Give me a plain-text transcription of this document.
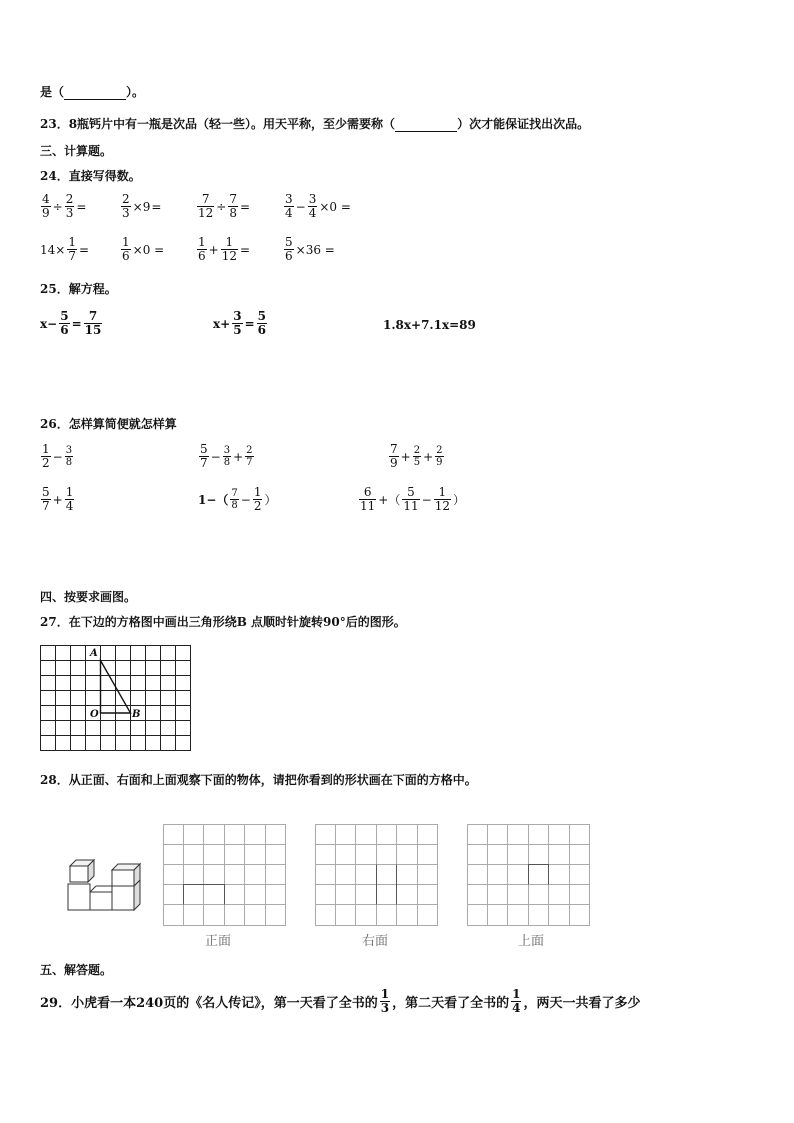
是（	）。
23．8瓶钙片中有一瓶是次品（轻一些）。用天平称，至少需要称（	）次才能保证找出次品。
三、计算题。
24．直接写得数。
$\frac{4}{9} \div \frac{2}{3}$ =	$\frac{2}{3} \times 9$ =	$\frac{7}{12} \div \frac{7}{8}$ =	$\frac{3}{4} - \frac{3}{4} \times 0$ =
$14\times \frac{1}{7}$ =	$\frac{1}{6} \times 0$ =	$\frac{1}{6} + \frac{1}{12}$ =	$\frac{5}{6} \times 36$ =
25．解方程。
$x- \frac{5}{6} = \frac{7}{15}$	$x+ \frac{3}{5} = \frac{5}{6}$	1.8x+7.1x=89
26．怎样算简便就怎样算
$\frac{1}{2} - \frac{3}{8}$	$\frac{5}{7} - \frac{3}{8} + \frac{2}{7}$	$\frac{7}{9} + \frac{2}{5} + \frac{2}{9}$
$\frac{5}{7} + \frac{1}{4}$	$1-( \frac{7}{8} - \frac{1}{2}$ ）	$\frac{6}{11}$ +（ $\frac{5}{11} - \frac{1}{12}$ ）
四、按要求画图。
27．在下边的方格图中画出三角形绕B 点顺时针旋转90°后的图形。
A
O	B
28．从正面、右面和上面观察下面的物体，请把你看到的形状画在下面的方格中。
正面	右面	上面
五、解答题。
29．小虎看一本240页的《名人传记》，第一天看了全书的 $\frac{1}{3}$ ，第二天看了全书的 $\frac{1}{4}$ ，两天一共看了多少
